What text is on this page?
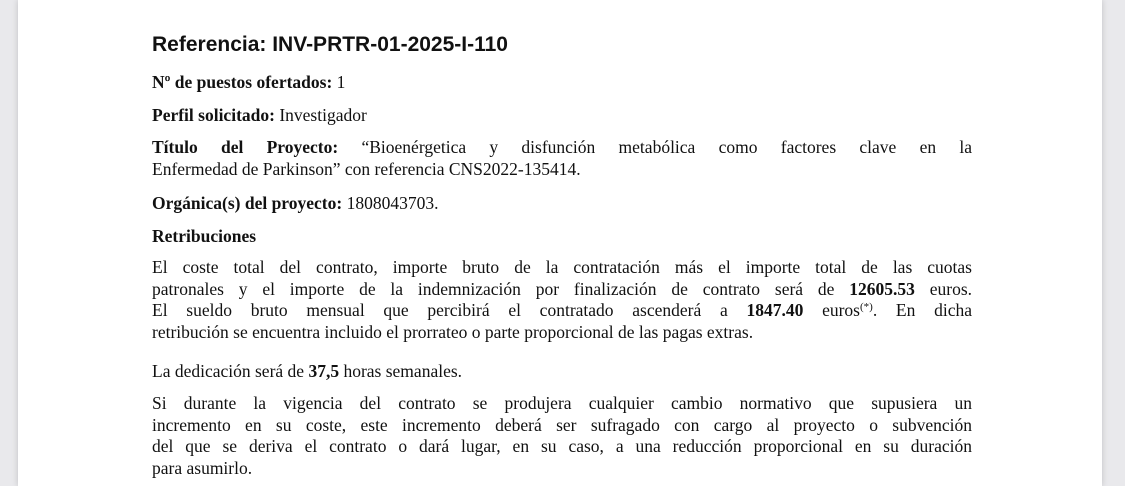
Referencia: INV-PRTR-01-2025-I-110
Nº de puestos ofertados: 1
Perfil solicitado: Investigador
Título del Proyecto: “Bioenérgetica y disfunción metabólica como factores clave en la
Enfermedad de Parkinson” con referencia CNS2022-135414.
Orgánica(s) del proyecto: 1808043703.
Retribuciones
El coste total del contrato, importe bruto de la contratación más el importe total de las cuotas
patronales y el importe de la indemnización por finalización de contrato será de 12605.53 euros.
El sueldo bruto mensual que percibirá el contratado ascenderá a 1847.40 euros(*). En dicha
retribución se encuentra incluido el prorrateo o parte proporcional de las pagas extras.
La dedicación será de 37,5 horas semanales.
Si durante la vigencia del contrato se produjera cualquier cambio normativo que supusiera un
incremento en su coste, este incremento deberá ser sufragado con cargo al proyecto o subvención
del que se deriva el contrato o dará lugar, en su caso, a una reducción proporcional en su duración
para asumirlo.
